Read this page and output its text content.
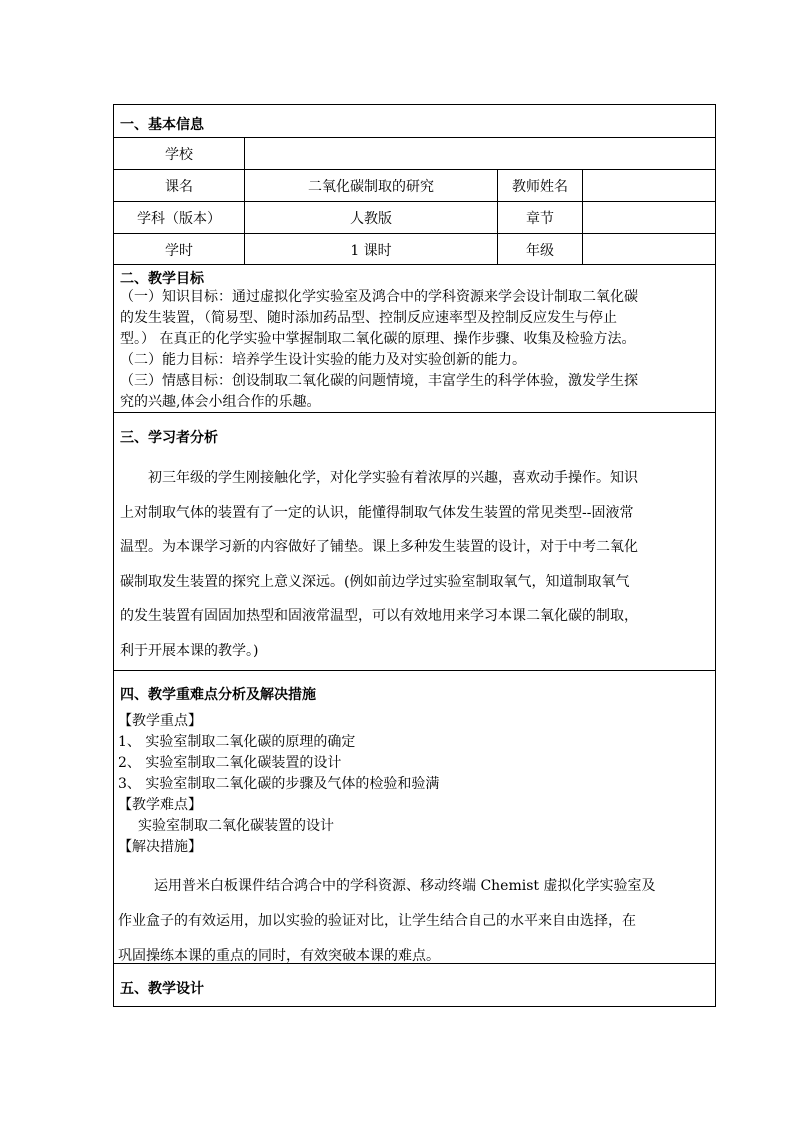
一、基本信息
学校
课名	二氧化碳制取的研究	教师姓名
学科（版本）	人教版	章节
学时	1 课时	年级
二、教学目标
（一）知识目标：通过虚拟化学实验室及鸿合中的学科资源来学会设计制取二氧化碳
的发生装置，（简易型、随时添加药品型、控制反应速率型及控制反应发生与停止
型。） 在真正的化学实验中掌握制取二氧化碳的原理、操作步骤、收集及检验方法。
（二）能力目标：培养学生设计实验的能力及对实验创新的能力。
（三）情感目标：创设制取二氧化碳的问题情境，丰富学生的科学体验，激发学生探
究的兴趣,体会小组合作的乐趣。
三、学习者分析
初三年级的学生刚接触化学，对化学实验有着浓厚的兴趣，喜欢动手操作。知识
上对制取气体的装置有了一定的认识，能懂得制取气体发生装置的常见类型--固液常
温型。为本课学习新的内容做好了铺垫。课上多种发生装置的设计，对于中考二氧化
碳制取发生装置的探究上意义深远。(例如前边学过实验室制取氧气，知道制取氧气
的发生装置有固固加热型和固液常温型，可以有效地用来学习本课二氧化碳的制取，
利于开展本课的教学。)
四、教学重难点分析及解决措施
【教学重点】
1、 实验室制取二氧化碳的原理的确定
2、 实验室制取二氧化碳装置的设计
3、 实验室制取二氧化碳的步骤及气体的检验和验满
【教学难点】
实验室制取二氧化碳装置的设计
【解决措施】
运用普米白板课件结合鸿合中的学科资源、移动终端 Chemist 虚拟化学实验室及
作业盒子的有效运用，加以实验的验证对比，让学生结合自己的水平来自由选择，在
巩固操练本课的重点的同时，有效突破本课的难点。
五、教学设计
